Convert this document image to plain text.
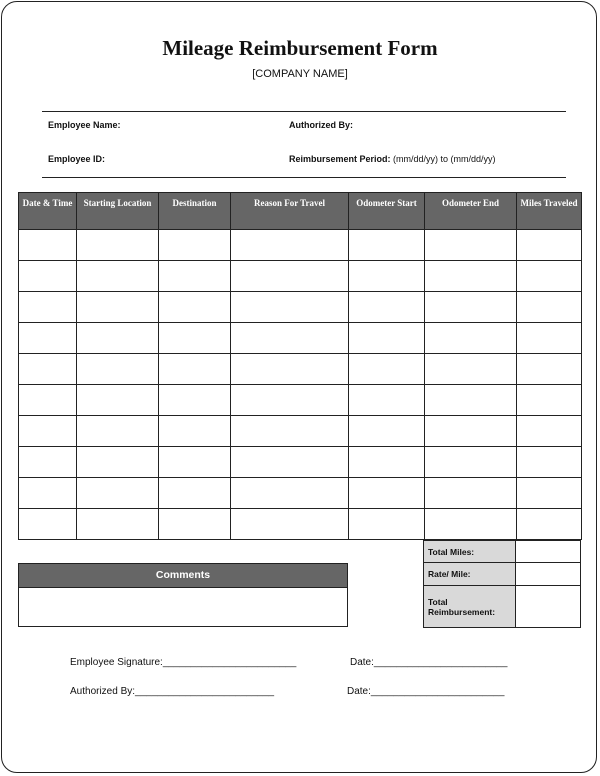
Mileage Reimbursement Form
[COMPANY NAME]
Employee Name:	Authorized By:
Employee ID:	Reimbursement Period: (mm/dd/yy) to (mm/dd/yy)
Date & Time	Starting Location	Destination	Reason For Travel	Odometer Start	Odometer End	Miles Traveled

Total Miles:	
Rate/ Mile:	
Total Reimbursement:	
Comments
Employee Signature:________________________	Date:________________________
Authorized By:_________________________	Date:________________________
